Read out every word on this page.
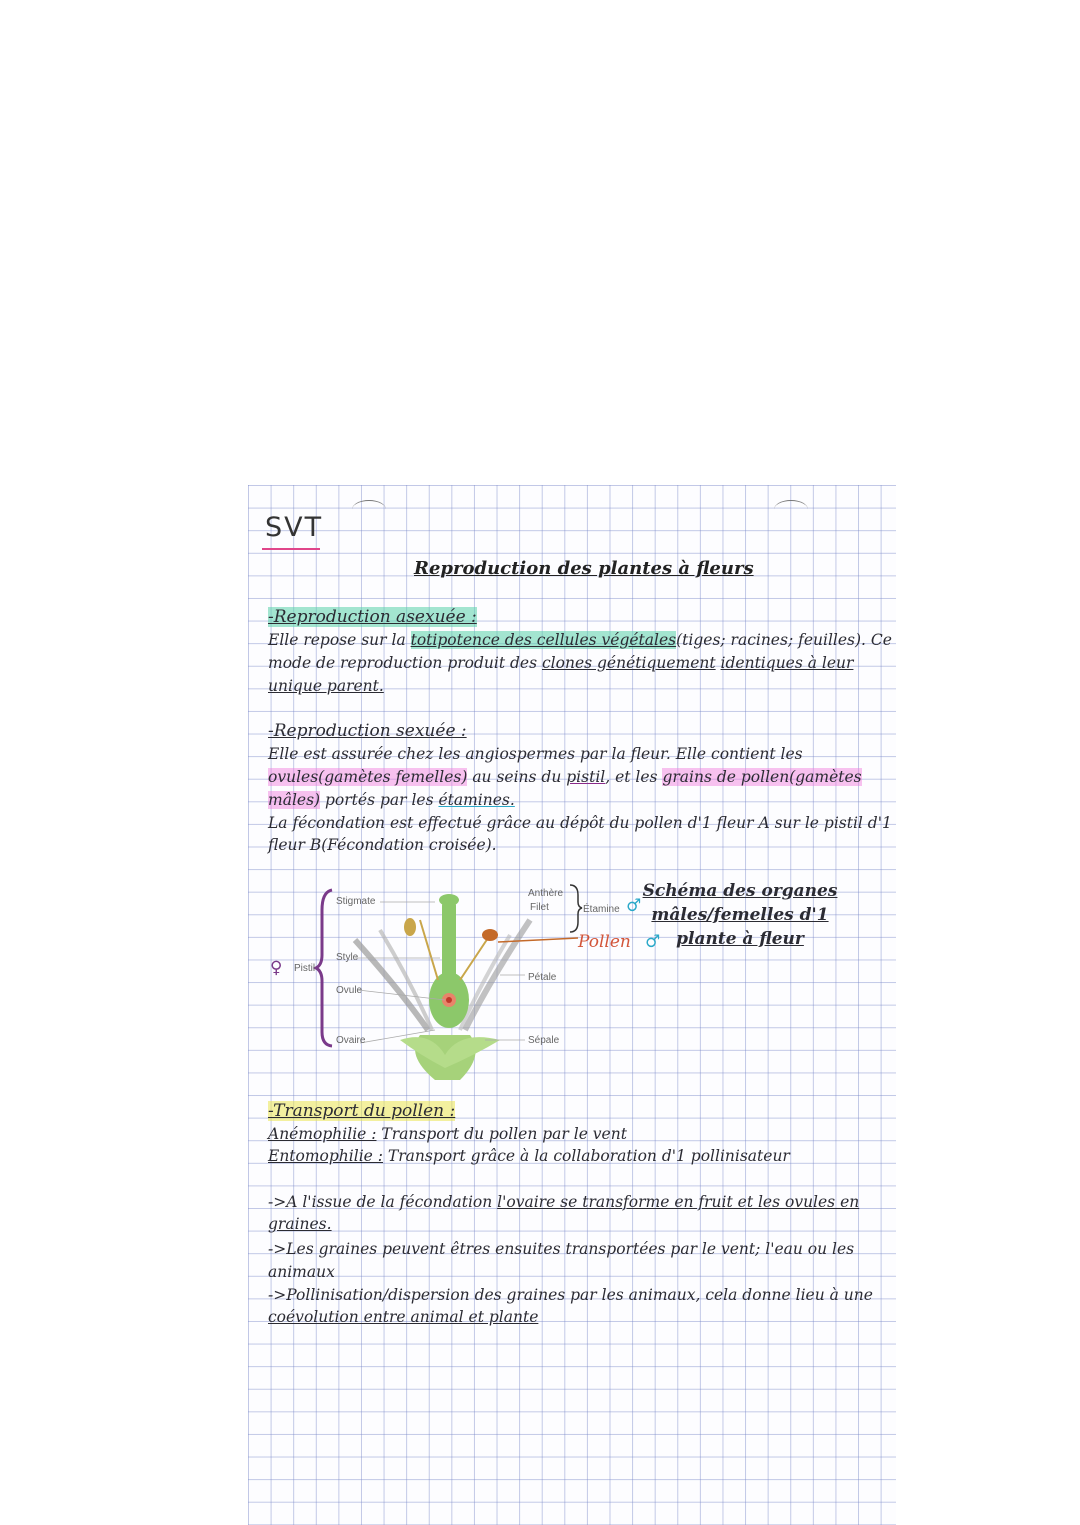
SVT
Reproduction des plantes à fleurs
-Reproduction asexuée :
Elle repose sur la totipotence des cellules végétales(tiges; racines; feuilles). Ce
mode de reproduction produit des clones génétiquement identiques à leur
unique parent.
-Reproduction sexuée :
Elle est assurée chez les angiospermes par la fleur. Elle contient les
ovules(gamètes femelles) au seins du pistil, et les grains de pollen(gamètes
mâles) portés par les étamines.
La fécondation est effectué grâce au dépôt du pollen d'1 fleur A sur le pistil d'1
fleur B(Fécondation croisée).
Stigmate
Style
Ovule
Ovaire
Pistil
Anthère
Filet	Étamine
Pétale
Sépale
♀
♂
Pollen ♂
Schéma des organes
mâles/femelles d'1
plante à fleur
-Transport du pollen :
Anémophilie : Transport du pollen par le vent
Entomophilie : Transport grâce à la collaboration d'1 pollinisateur
->A l'issue de la fécondation l'ovaire se transforme en fruit et les ovules en
graines.
->Les graines peuvent êtres ensuites transportées par le vent; l'eau ou les
animaux
->Pollinisation/dispersion des graines par les animaux, cela donne lieu à une
coévolution entre animal et plante
